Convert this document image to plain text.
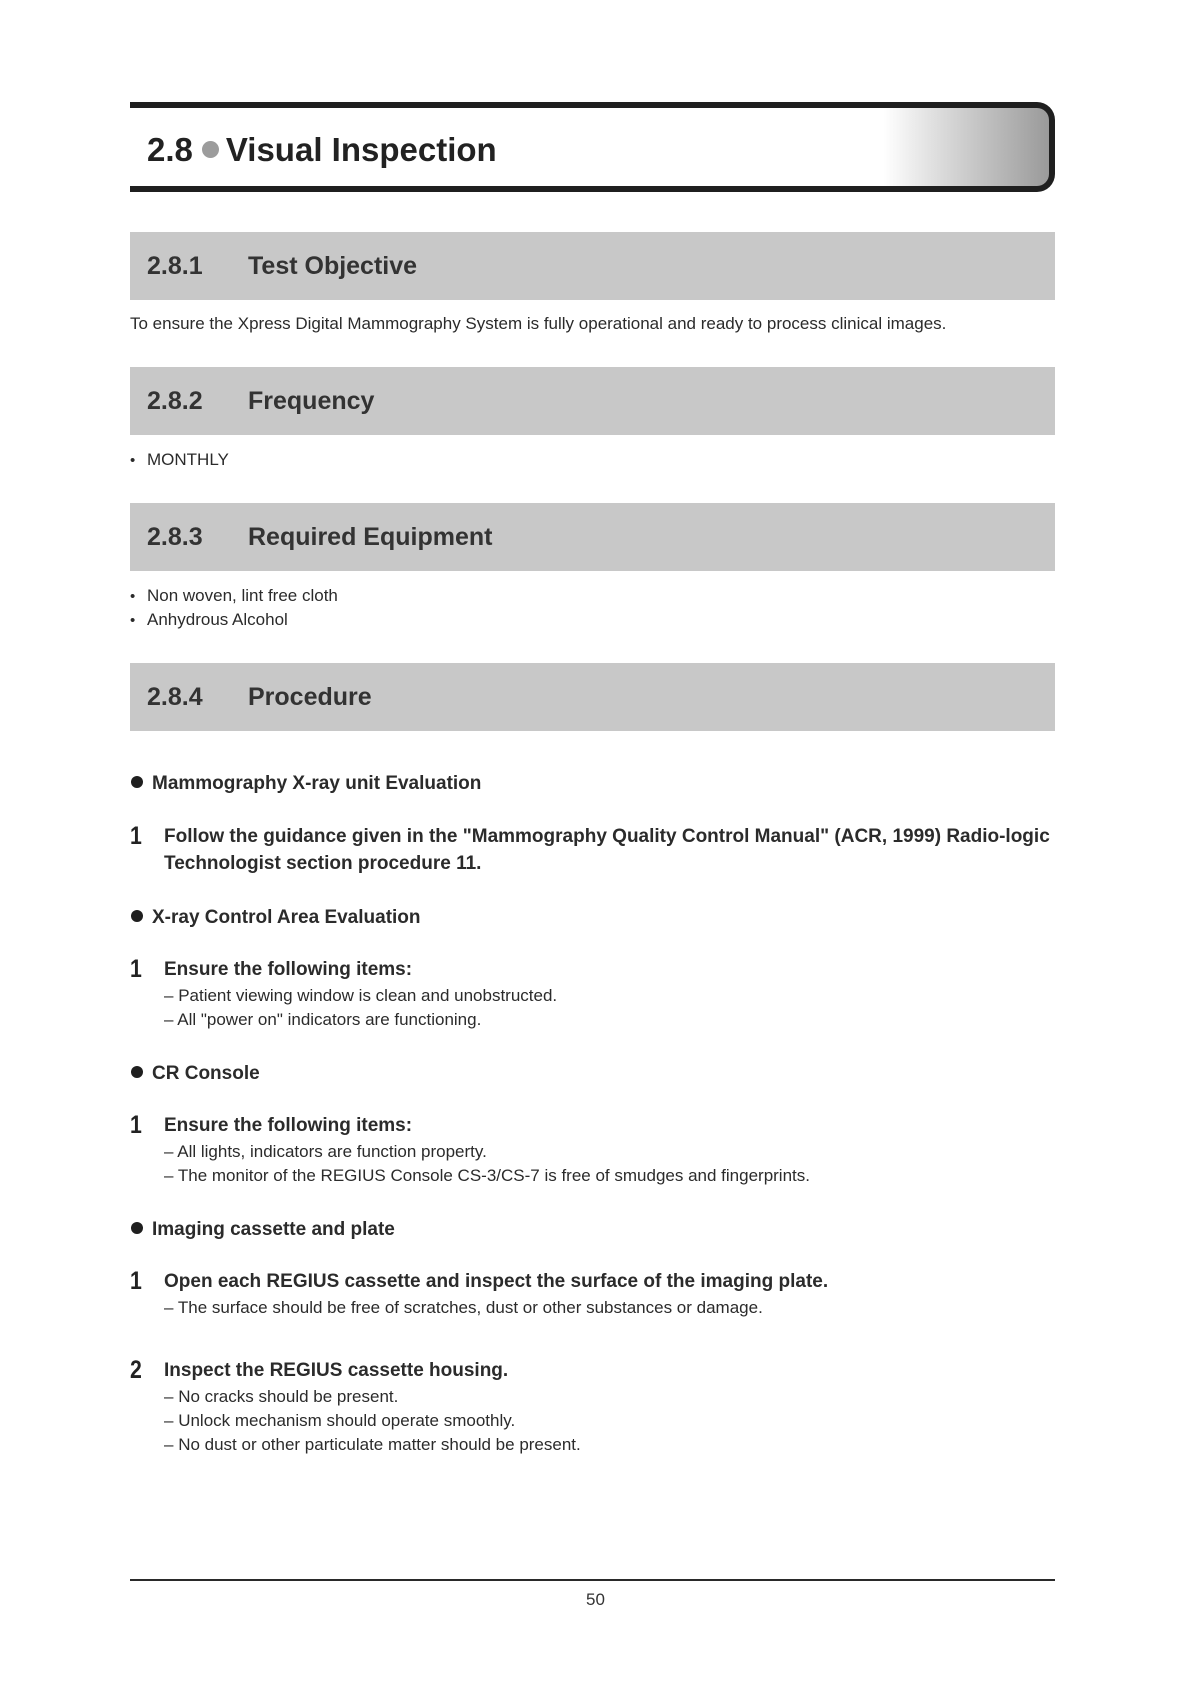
2.8 Visual Inspection
2.8.1 Test Objective
To ensure the Xpress Digital Mammography System is fully operational and ready to process clinical images.
2.8.2 Frequency
• MONTHLY
2.8.3 Required Equipment
• Non woven, lint free cloth
• Anhydrous Alcohol
2.8.4 Procedure
Mammography X-ray unit Evaluation
1 Follow the guidance given in the "Mammography Quality Control Manual" (ACR, 1999) Radio-logic Technologist section procedure 11.
X-ray Control Area Evaluation
1 Ensure the following items:
– Patient viewing window is clean and unobstructed.
– All "power on" indicators are functioning.
CR Console
1 Ensure the following items:
– All lights, indicators are function property.
– The monitor of the REGIUS Console CS-3/CS-7 is free of smudges and fingerprints.
Imaging cassette and plate
1 Open each REGIUS cassette and inspect the surface of the imaging plate.
– The surface should be free of scratches, dust or other substances or damage.
2 Inspect the REGIUS cassette housing.
– No cracks should be present.
– Unlock mechanism should operate smoothly.
– No dust or other particulate matter should be present.
50
